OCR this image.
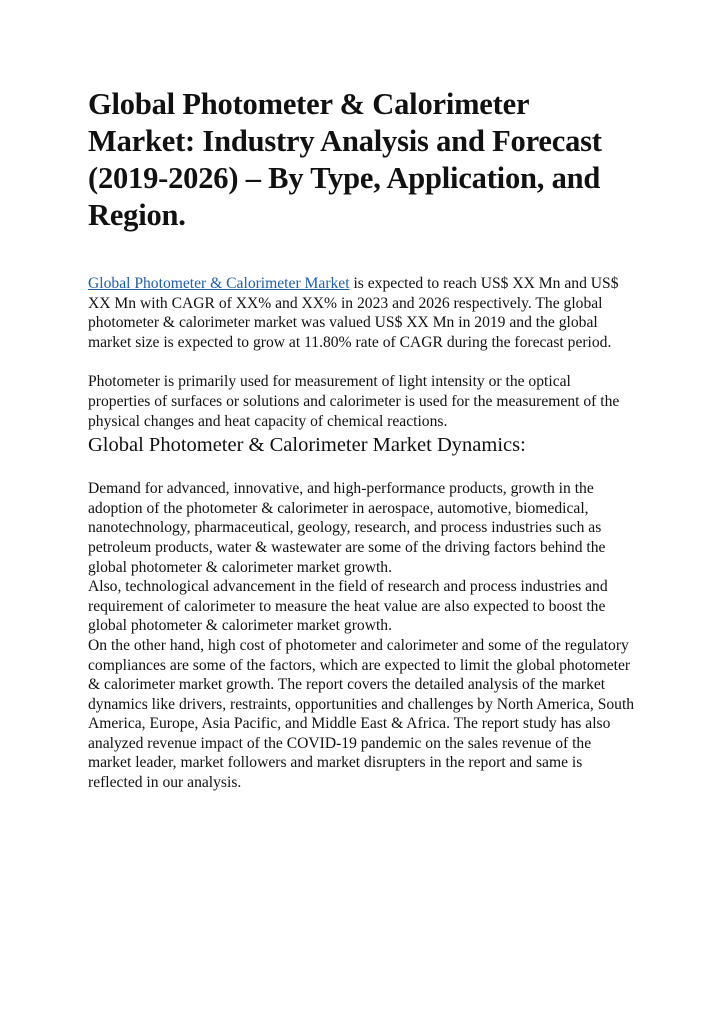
Global Photometer & Calorimeter Market: Industry Analysis and Forecast (2019-2026) – By Type, Application, and Region.

Global Photometer & Calorimeter Market is expected to reach US$ XX Mn and US$ XX Mn with CAGR of XX% and XX% in 2023 and 2026 respectively. The global photometer & calorimeter market was valued US$ XX Mn in 2019 and the global market size is expected to grow at 11.80% rate of CAGR during the forecast period.

Photometer is primarily used for measurement of light intensity or the optical properties of surfaces or solutions and calorimeter is used for the measurement of the physical changes and heat capacity of chemical reactions.

Global Photometer & Calorimeter Market Dynamics:

Demand for advanced, innovative, and high-performance products, growth in the adoption of the photometer & calorimeter in aerospace, automotive, biomedical, nanotechnology, pharmaceutical, geology, research, and process industries such as petroleum products, water & wastewater are some of the driving factors behind the global photometer & calorimeter market growth.

Also, technological advancement in the field of research and process industries and requirement of calorimeter to measure the heat value are also expected to boost the global photometer & calorimeter market growth.

On the other hand, high cost of photometer and calorimeter and some of the regulatory compliances are some of the factors, which are expected to limit the global photometer & calorimeter market growth. The report covers the detailed analysis of the market dynamics like drivers, restraints, opportunities and challenges by North America, South America, Europe, Asia Pacific, and Middle East & Africa. The report study has also analyzed revenue impact of the COVID-19 pandemic on the sales revenue of the market leader, market followers and market disrupters in the report and same is reflected in our analysis.
